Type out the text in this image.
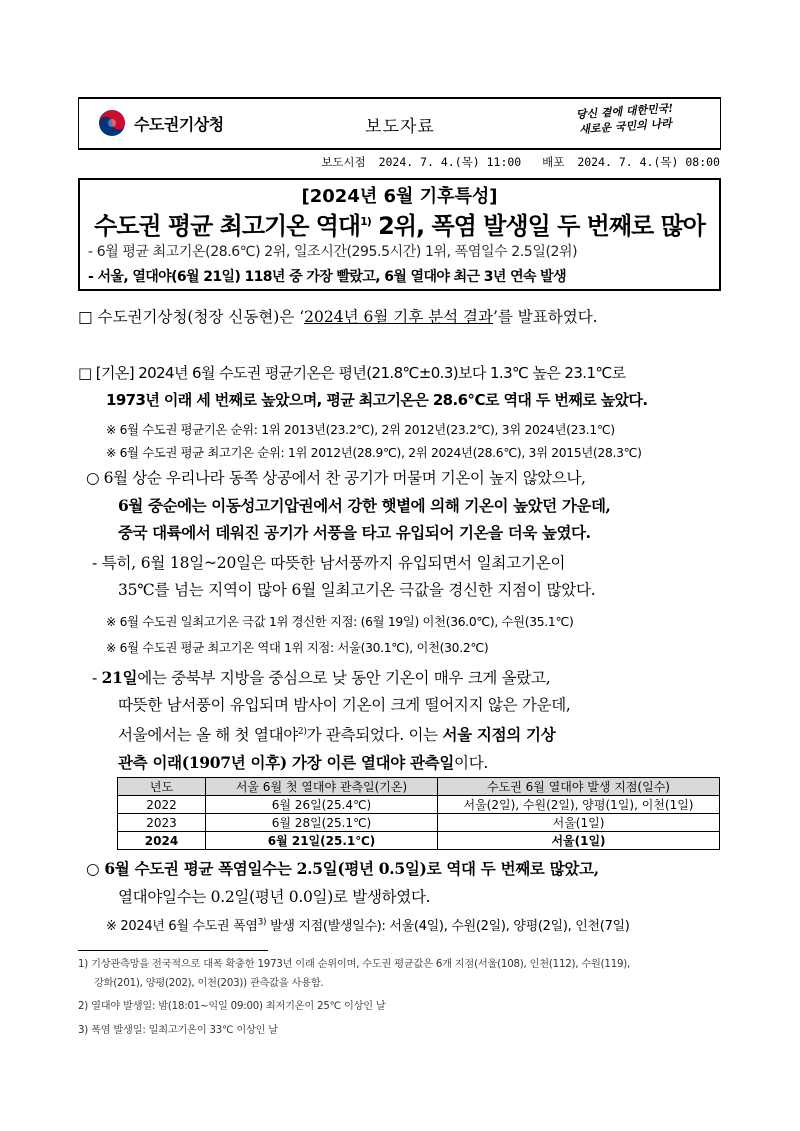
수도권기상청	보도자료
당신 곁에 대한민국!
새로운 국민의 나라
보도시점 2024. 7. 4.(목) 11:00 배포 2024. 7. 4.(목) 08:00
[2024년 6월 기후특성]
수도권 평균 최고기온 역대$^{1)}$ 2위, 폭염 발생일 두 번째로 많아
- 6월 평균 최고기온(28.6℃) 2위, 일조시간(295.5시간) 1위, 폭염일수 2.5일(2위)
- 서울, 열대야(6월 21일) 118년 중 가장 빨랐고, 6월 열대야 최근 3년 연속 발생
□ 수도권기상청(청장 신동현)은 ‘2024년 6월 기후 분석 결과’를 발표하였다.
□ [기온] 2024년 6월 수도권 평균기온은 평년(21.8℃±0.3)보다 1.3℃ 높은 23.1℃로
1973년 이래 세 번째로 높았으며, 평균 최고기온은 28.6℃로 역대 두 번째로 높았다.
※ 6월 수도권 평균기온 순위: 1위 2013년(23.2℃), 2위 2012년(23.2℃), 3위 2024년(23.1℃)
※ 6월 수도권 평균 최고기온 순위: 1위 2012년(28.9℃), 2위 2024년(28.6℃), 3위 2015년(28.3℃)
○ 6월 상순 우리나라 동쪽 상공에서 찬 공기가 머물며 기온이 높지 않았으나,
6월 중순에는 이동성고기압권에서 강한 햇볕에 의해 기온이 높았던 가운데,
중국 대륙에서 데워진 공기가 서풍을 타고 유입되어 기온을 더욱 높였다.
- 특히, 6월 18일~20일은 따뜻한 남서풍까지 유입되면서 일최고기온이
35℃를 넘는 지역이 많아 6월 일최고기온 극값을 경신한 지점이 많았다.
※ 6월 수도권 일최고기온 극값 1위 경신한 지점: (6월 19일) 이천(36.0℃), 수원(35.1℃)
※ 6월 수도권 평균 최고기온 역대 1위 지점: 서울(30.1℃), 이천(30.2℃)
- 21일에는 중북부 지방을 중심으로 낮 동안 기온이 매우 크게 올랐고,
따뜻한 남서풍이 유입되며 밤사이 기온이 크게 떨어지지 않은 가운데,
서울에서는 올 해 첫 열대야$^{2)}$가 관측되었다. 이는 서울 지점의 기상
관측 이래(1907년 이후) 가장 이른 열대야 관측일이다.
년도	서울 6월 첫 열대야 관측일(기온)	수도권 6월 열대야 발생 지점(일수)
2022	6월 26일(25.4℃)	서울(2일), 수원(2일), 양평(1일), 이천(1일)
2023	6월 28일(25.1℃)	서울(1일)
2024	6월 21일(25.1℃)	서울(1일)
○ 6월 수도권 평균 폭염일수는 2.5일(평년 0.5일)로 역대 두 번째로 많았고,
열대야일수는 0.2일(평년 0.0일)로 발생하였다.
※ 2024년 6월 수도권 폭염$^{3)}$ 발생 지점(발생일수): 서울(4일), 수원(2일), 양평(2일), 인천(7일)
1) 기상관측망을 전국적으로 대폭 확충한 1973년 이래 순위이며, 수도권 평균값은 6개 지점(서울(108), 인천(112), 수원(119),
강화(201), 양평(202), 이천(203)) 관측값을 사용함.
2) 열대야 발생일: 밤(18:01~익일 09:00) 최저기온이 25℃ 이상인 날
3) 폭염 발생일: 일최고기온이 33℃ 이상인 날
